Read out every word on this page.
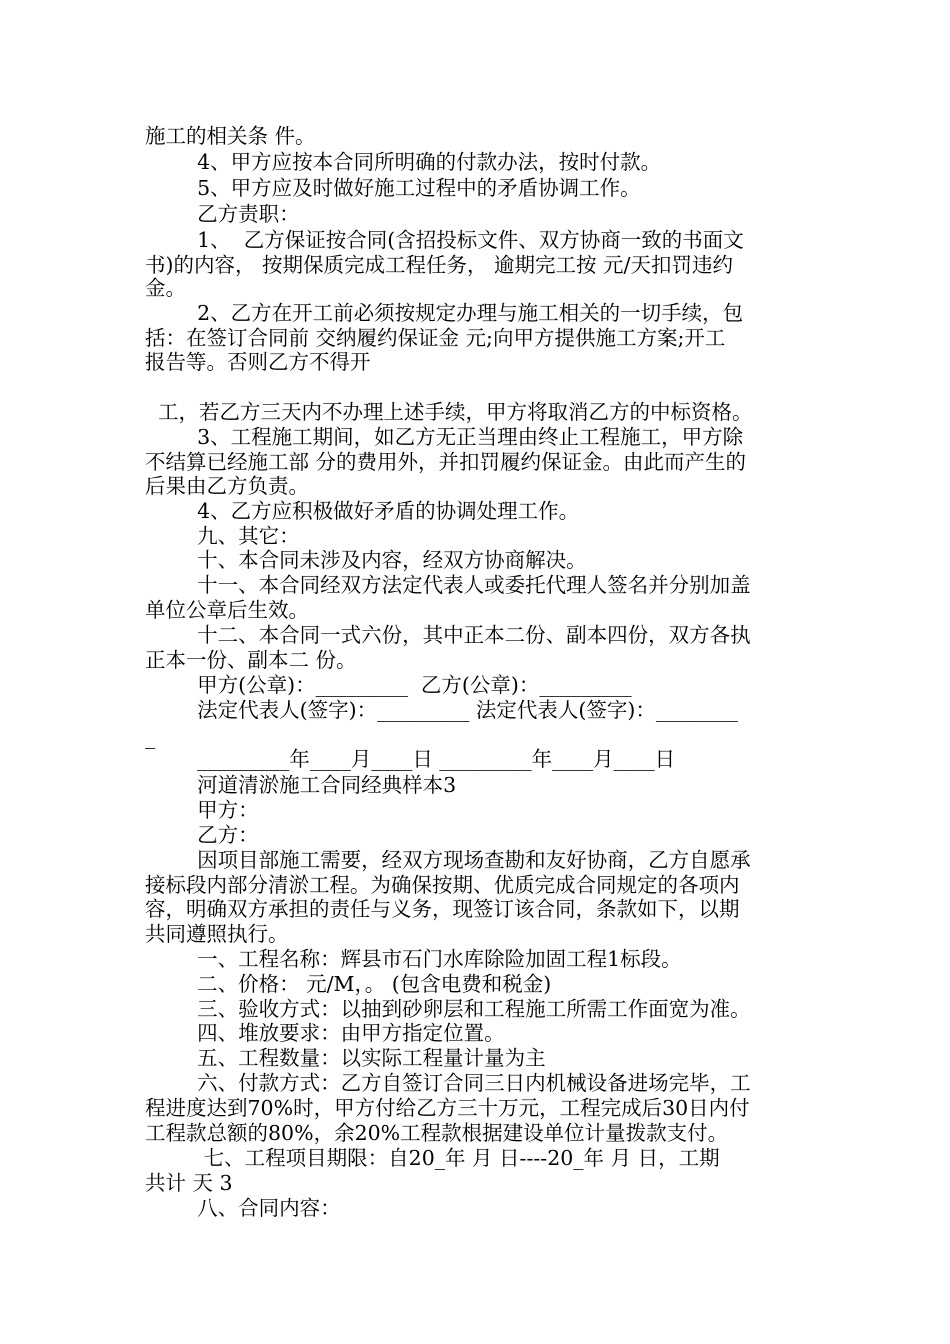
施工的相关条 件。
4、甲方应按本合同所明确的付款办法，按时付款。
5、甲方应及时做好施工过程中的矛盾协调工作。
乙方责职：
1、  乙方保证按合同(含招投标文件、双方协商一致的书面文
书)的内容， 按期保质完成工程任务， 逾期完工按 元/天扣罚违约
金。
2、乙方在开工前必须按规定办理与施工相关的一切手续，包
括：在签订合同前 交纳履约保证金 元;向甲方提供施工方案;开工
报告等。否则乙方不得开
工，若乙方三天内不办理上述手续，甲方将取消乙方的中标资格。
3、工程施工期间，如乙方无正当理由终止工程施工，甲方除
不结算已经施工部 分的费用外，并扣罚履约保证金。由此而产生的
后果由乙方负责。
4、乙方应积极做好矛盾的协调处理工作。
九、其它：
十、本合同未涉及内容，经双方协商解决。
十一、本合同经双方法定代表人或委托代理人签名并分别加盖
单位公章后生效。
十二、本合同一式六份，其中正本二份、副本四份，双方各执
正本一份、副本二 份。
甲方(公章)：_________  乙方(公章)：_________
法定代表人(签字)：_________ 法定代表人(签字)：________
_
_________年____月____日 _________年____月____日
河道清淤施工合同经典样本3
甲方：
乙方：
因项目部施工需要，经双方现场查勘和友好协商，乙方自愿承
接标段内部分清淤工程。为确保按期、优质完成合同规定的各项内
容，明确双方承担的责任与义务，现签订该合同，条款如下，以期
共同遵照执行。
一、工程名称：辉县市石门水库除险加固工程1标段。
二、价格： 元/M，。 (包含电费和税金)
三、验收方式：以抽到砂卵层和工程施工所需工作面宽为准。
四、堆放要求：由甲方指定位置。
五、工程数量：以实际工程量计量为主
六、付款方式：乙方自签订合同三日内机械设备进场完毕，工
程进度达到70%时，甲方付给乙方三十万元，工程完成后30日内付
工程款总额的80%，余20%工程款根据建设单位计量拨款支付。
七、工程项目期限：自20_年 月 日----20_年 月 日，工期
共计 天 3
八、合同内容：
